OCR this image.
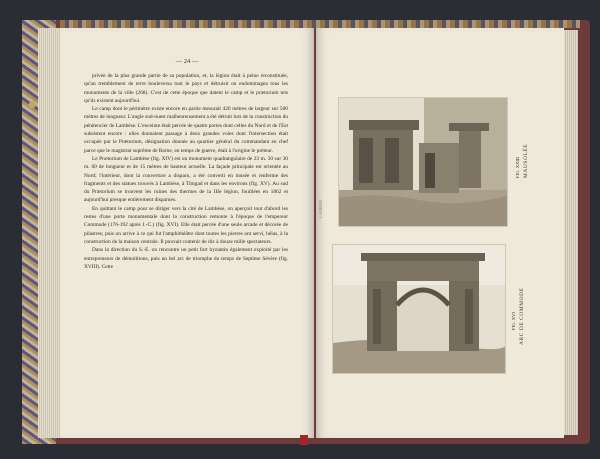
— 24 —

privée de la plus grande partie de sa population, et, la légion était à peine reconstituée, qu'un tremblement de terre bouleversa tout le pays et détruisit ou endommagea tous les monuments de la ville (268). C'est de cette époque que datent le camp et le prætorium tels qu'ils existent aujourd'hui.

Le camp dont le périmètre existe encore en partie mesurait 420 mètres de largeur sur 500 mètres de longueur. L'angle sud-ouest malheureusement a été détruit lors de la construction du pénitencier de Lambèse. L'enceinte était percée de quatre portes dont celles du Nord et de l'Est subsistent encore : elles donnaient passage à deux grandes voies dont l'intersection était occupée par le Prætorium, désignation donnée au quartier général du commandant en chef parce que le magistrat suprême de Rome, en temps de guerre, était à l'origine le préteur.

Le Prætorium de Lambèse (fig. XIV) est un monument quadrangulaire de 23 m. 30 sur 30 m. 60 de longueur et de 15 mètres de hauteur actuelle. La façade principale est orientée au Nord; l'intérieur, dont la couverture a disparu, a été converti en musée et renferme des fragments et des statues trouvés à Lambèse, à Timgad et dans les environs (fig. XV). Au sud du Prætorium se trouvent les ruines des thermes de la IIIe légion, fouillées en 1862 et aujourd'hui presque entièrement disparues.

En quittant le camp pour se diriger vers la cité de Lambèse, on aperçoit tout d'abord les restes d'une porte monumentale dont la construction remonte à l'époque de l'empereur Commode (176-192 après J.-C.) (fig. XVI). Elle était percée d'une seule arcade et décorée de pilastres; puis on arrive à ce qui fut l'amphithéâtre dont toutes les pierres ont servi, hélas, à la construction de la maison centrale. Il pouvait contenir de dix à douze mille spectateurs.

Dans la direction du S.-E. on rencontre un petit fort byzantin également exploité par les entrepreneurs de démolitions, puis un bel arc de triomphe du temps de Septime Sévère (fig. XVIII). Cette

LAMBÈSE
FIG. XXIII MAUSOLÉE
FIG. XVI ARC DE COMMODE
